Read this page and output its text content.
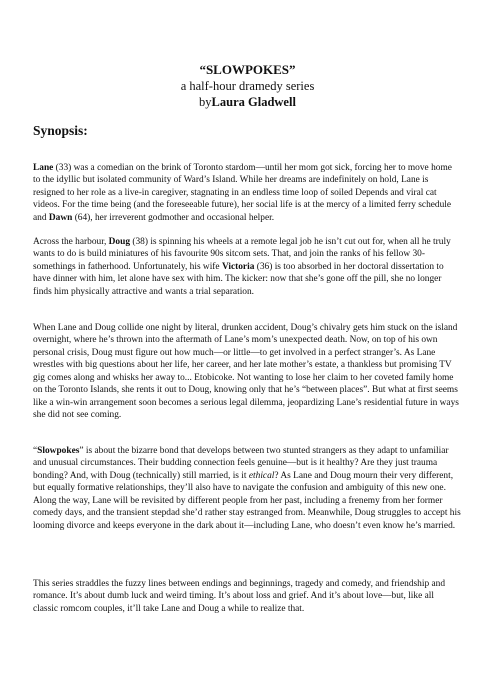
“SLOWPOKES”
a half-hour dramedy series
byLaura Gladwell
Synopsis:

Lane (33) was a comedian on the brink of Toronto stardom—until her mom got sick, forcing her to move home to the idyllic but isolated community of Ward’s Island. While her dreams are indefinitely on hold, Lane is resigned to her role as a live-in caregiver, stagnating in an endless time loop of soiled Depends and viral cat videos. For the time being (and the foreseeable future), her social life is at the mercy of a limited ferry schedule and Dawn (64), her irreverent godmother and occasional helper.

Across the harbour, Doug (38) is spinning his wheels at a remote legal job he isn’t cut out for, when all he truly wants to do is build miniatures of his favourite 90s sitcom sets. That, and join the ranks of his fellow 30-somethings in fatherhood. Unfortunately, his wife Victoria (36) is too absorbed in her doctoral dissertation to have dinner with him, let alone have sex with him. The kicker: now that she’s gone off the pill, she no longer finds him physically attractive and wants a trial separation.

When Lane and Doug collide one night by literal, drunken accident, Doug’s chivalry gets him stuck on the island overnight, where he’s thrown into the aftermath of Lane’s mom’s unexpected death. Now, on top of his own personal crisis, Doug must figure out how much—or little—to get involved in a perfect stranger’s. As Lane wrestles with big questions about her life, her career, and her late mother’s estate, a thankless but promising TV gig comes along and whisks her away to... Etobicoke. Not wanting to lose her claim to her coveted family home on the Toronto Islands, she rents it out to Doug, knowing only that he’s “between places”. But what at first seems like a win-win arrangement soon becomes a serious legal dilemma, jeopardizing Lane’s residential future in ways she did not see coming.

“Slowpokes” is about the bizarre bond that develops between two stunted strangers as they adapt to unfamiliar and unusual circumstances. Their budding connection feels genuine—but is it healthy? Are they just trauma bonding? And, with Doug (technically) still married, is it ethical? As Lane and Doug mourn their very different, but equally formative relationships, they’ll also have to navigate the confusion and ambiguity of this new one. Along the way, Lane will be revisited by different people from her past, including a frenemy from her former comedy days, and the transient stepdad she’d rather stay estranged from. Meanwhile, Doug struggles to accept his looming divorce and keeps everyone in the dark about it—including Lane, who doesn’t even know he’s married.

This series straddles the fuzzy lines between endings and beginnings, tragedy and comedy, and friendship and romance. It’s about dumb luck and weird timing. It’s about loss and grief. And it’s about love—but, like all classic romcom couples, it’ll take Lane and Doug a while to realize that.
